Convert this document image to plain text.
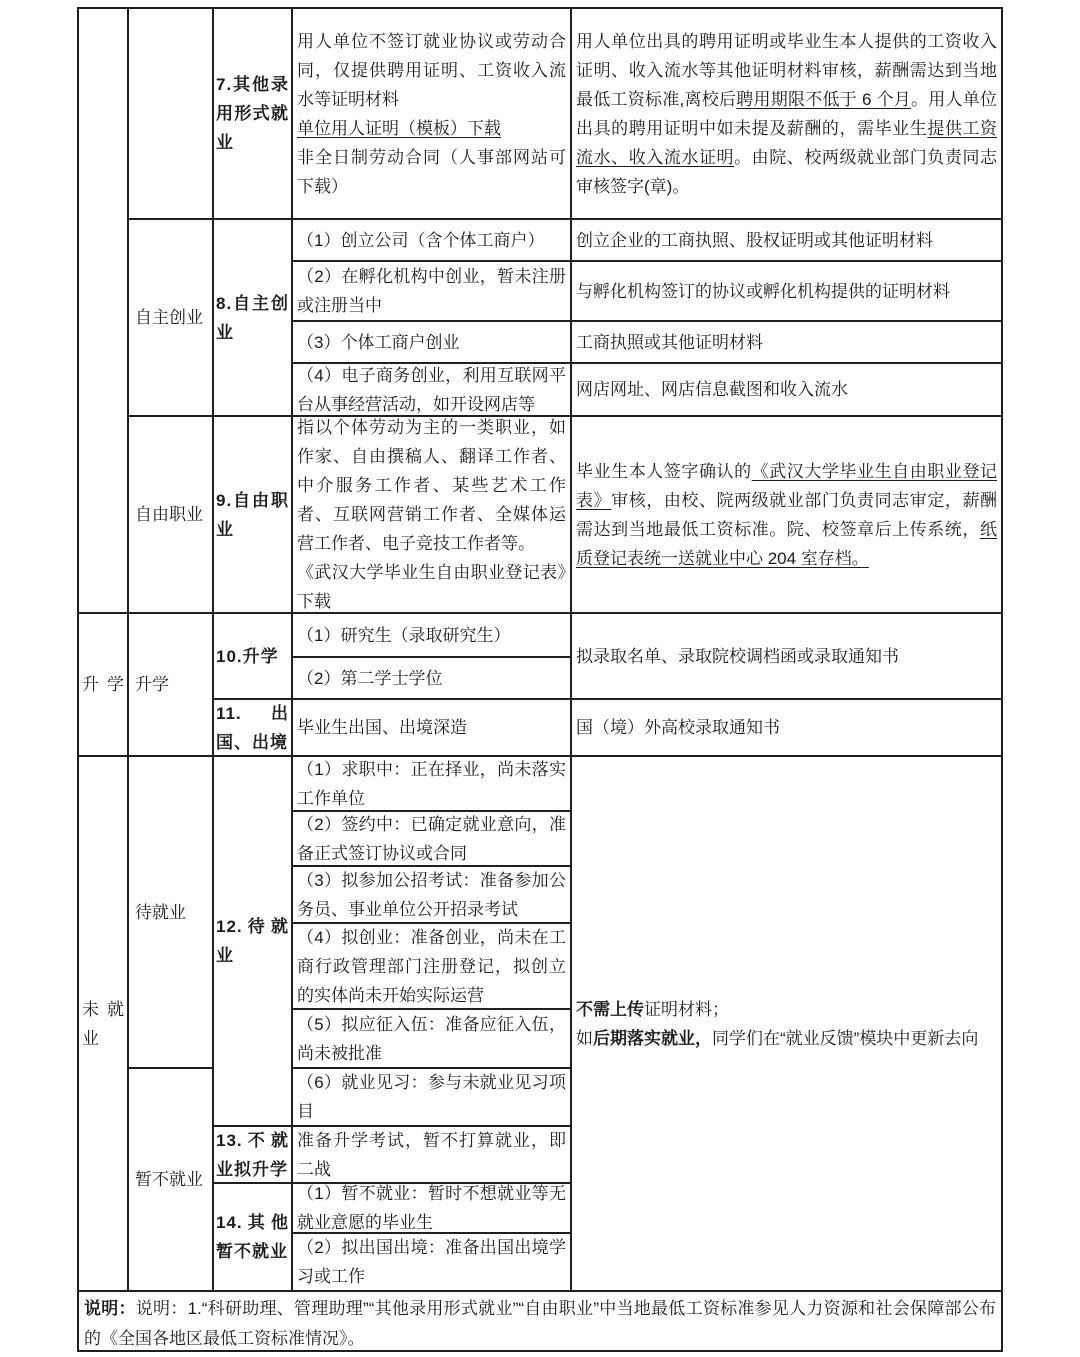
升学

未就业

自主创业

自由职业

升学

待就业

暂不就业

7.其他录用形式就业

8.自主创业

9.自由职业

10.升学

11.出国、出境

12.待就业

13.不就业拟升学

14.其他暂不就业

用人单位不签订就业协议或劳动合同，仅提供聘用证明、工资收入流水等证明材料

单位用人证明（模板）下载

非全日制劳动合同（人事部网站可下载）

（1）创立公司（含个体工商户）

（2）在孵化机构中创业，暂未注册或注册当中

（3）个体工商户创业

（4）电子商务创业，利用互联网平台从事经营活动，如开设网店等

指以个体劳动为主的一类职业，如作家、自由撰稿人、翻译工作者、中介服务工作者、某些艺术工作者、互联网营销工作者、全媒体运营工作者、电子竞技工作者等。

《武汉大学毕业生自由职业登记表》下载

（1）研究生（录取研究生）

（2）第二学士学位

毕业生出国、出境深造

（1）求职中：正在择业，尚未落实工作单位

（2）签约中：已确定就业意向，准备正式签订协议或合同

（3）拟参加公招考试：准备参加公务员、事业单位公开招录考试

（4）拟创业：准备创业，尚未在工商行政管理部门注册登记，拟创立的实体尚未开始实际运营

（5）拟应征入伍：准备应征入伍，尚未被批准

（6）就业见习：参与未就业见习项目

准备升学考试，暂不打算就业，即二战

（1）暂不就业：暂时不想就业等无就业意愿的毕业生

（2）拟出国出境：准备出国出境学习或工作

用人单位出具的聘用证明或毕业生本人提供的工资收入证明、收入流水等其他证明材料审核，薪酬需达到当地最低工资标准,离校后聘用期限不低于 6 个月。用人单位出具的聘用证明中如未提及薪酬的，需毕业生提供工资流水、收入流水证明。由院、校两级就业部门负责同志审核签字(章)。

创立企业的工商执照、股权证明或其他证明材料

与孵化机构签订的协议或孵化机构提供的证明材料

工商执照或其他证明材料

网店网址、网店信息截图和收入流水

毕业生本人签字确认的《武汉大学毕业生自由职业登记表》审核，由校、院两级就业部门负责同志审定，薪酬需达到当地最低工资标准。院、校签章后上传系统，纸质登记表统一送就业中心 204 室存档。

拟录取名单、录取院校调档函或录取通知书

国（境）外高校录取通知书

不需上传证明材料；

如后期落实就业，同学们在“就业反馈”模块中更新去向

说明：说明：1.“科研助理、管理助理”“其他录用形式就业”“自由职业”中当地最低工资标准参见人力资源和社会保障部公布的《全国各地区最低工资标准情况》。
